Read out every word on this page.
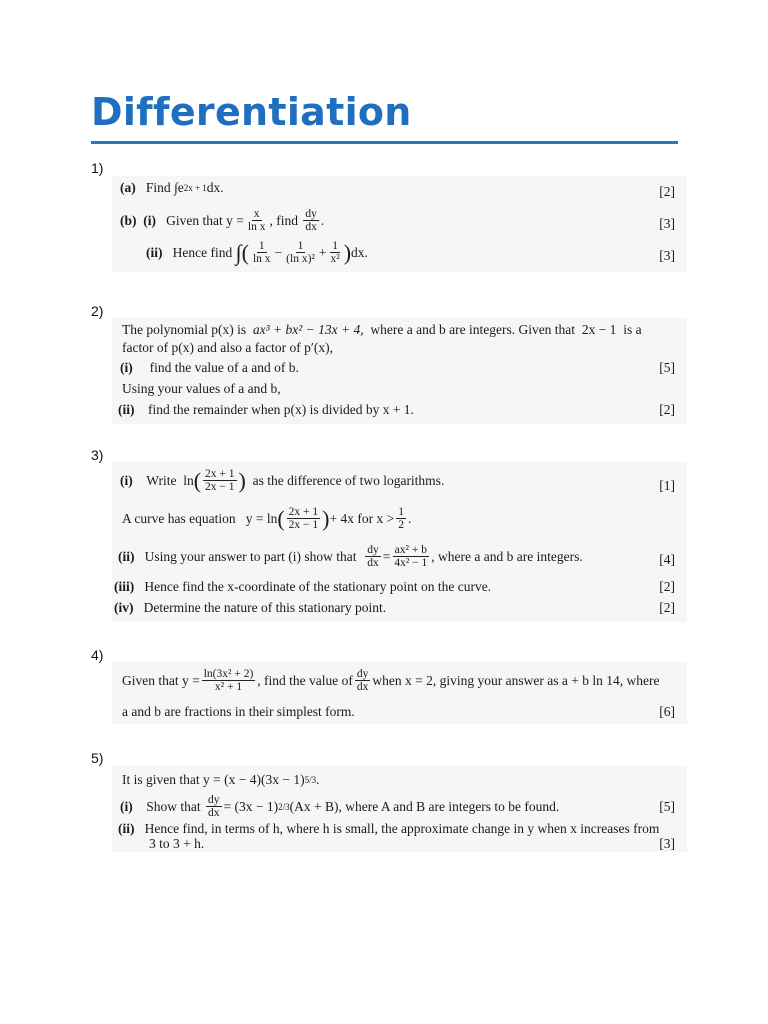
Differentiation
1)
(a)
Find ∫e 2x + 1 dx.	[2]
(b)
(i)
Given that
$y = \frac{x}{\text{ln x}}$ , find
$\frac{dy}{dx}$ .	[3]
(ii)
Hence find
∫( $\frac{1}{\text{ln x}} - \frac{1}{\text{(ln x)²}} + \frac{1}{\text{x²}}$ ) dx.	[3]
2)
The polynomial p(x) is
ax³ + bx² − 13x + 4,
where a and b are integers. Given that
2x − 1
is a
factor of p(x) and also a factor of p′(x),
(i)
find the value of a and of b.	[5]
Using your values of a and b,
(ii)
find the remainder when p(x) is divided by x + 1.	[2]
3)
(i)
Write
ln ( $\frac{2x + 1}{2x - 1}$ )
as the difference of two logarithms.	[1]
A curve has equation
y = ln ( $\frac{2x + 1}{2x - 1}$ ) + 4x for $x > \frac{1}{2}$ .
(ii)
Using your answer to part (i) show that
$\frac{dy}{dx} = \frac{\text{ax² + b}}{\text{4x² − 1}}$ , where a and b are integers.	[4]
(iii)
Hence find the x-coordinate of the stationary point on the curve.	[2]
(iv)
Determine the nature of this stationary point.	[2]
4)
Given that $y = \frac{\text{ln(3x² + 2)}}{\text{x² + 1}}$ , find the value of $\frac{dy}{dx}$ when x = 2, giving your answer as a + b ln 14, where
a and b are fractions in their simplest form.	[6]
5)
It is given that y = (x − 4)(3x − 1) 5/3 .
(i)
Show that
$\frac{dy}{dx} = (3x - 1)$ 2/3 (Ax + B), where A and B are integers to be found.	[5]
(ii)
Hence find, in terms of h, where h is small, the approximate change in y when x increases from
3 to 3 + h.	[3]
